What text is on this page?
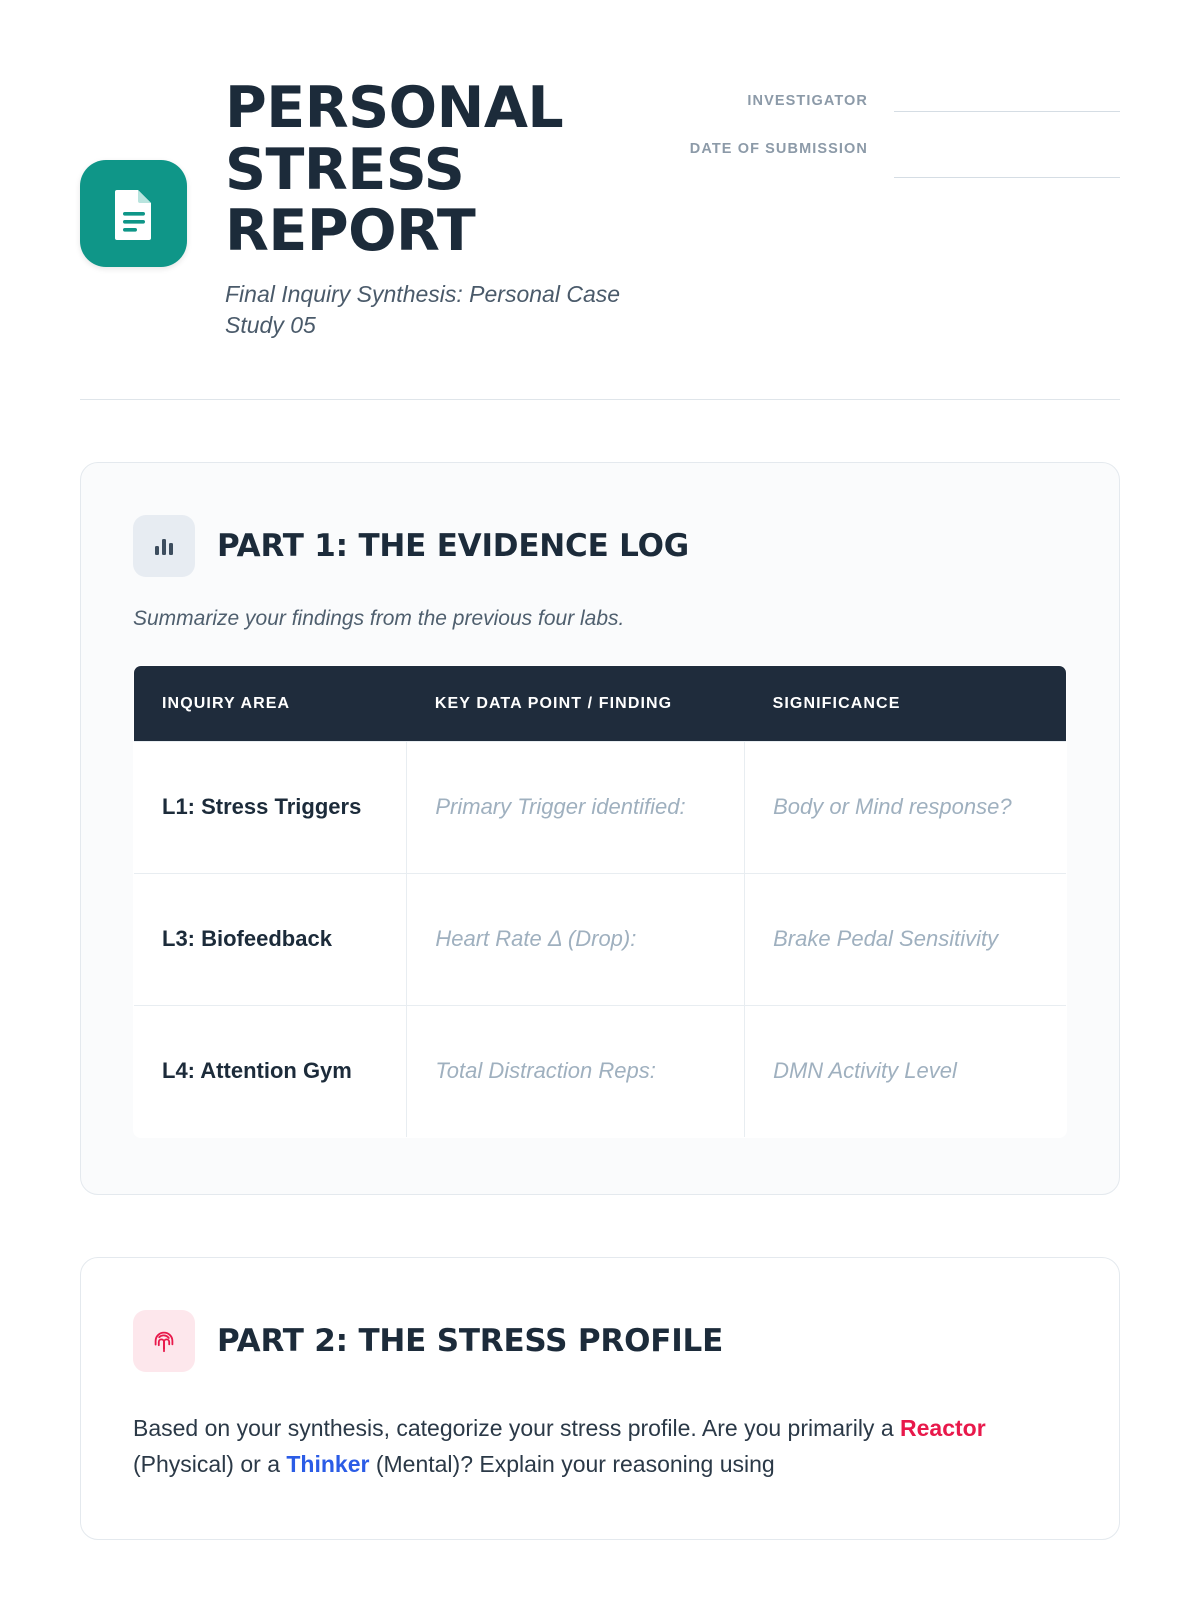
PERSONAL STRESS REPORT
Final Inquiry Synthesis: Personal Case Study 05
INVESTIGATOR
DATE OF SUBMISSION
PART 1: THE EVIDENCE LOG
Summarize your findings from the previous four labs.
INQUIRY AREA	KEY DATA POINT / FINDING	SIGNIFICANCE
L1: Stress Triggers	Primary Trigger identified:	Body or Mind response?
L3: Biofeedback	Heart Rate Δ (Drop):	Brake Pedal Sensitivity
L4: Attention Gym	Total Distraction Reps:	DMN Activity Level
PART 2: THE STRESS PROFILE
Based on your synthesis, categorize your stress profile. Are you primarily a Reactor (Physical) or a Thinker (Mental)? Explain your reasoning using
